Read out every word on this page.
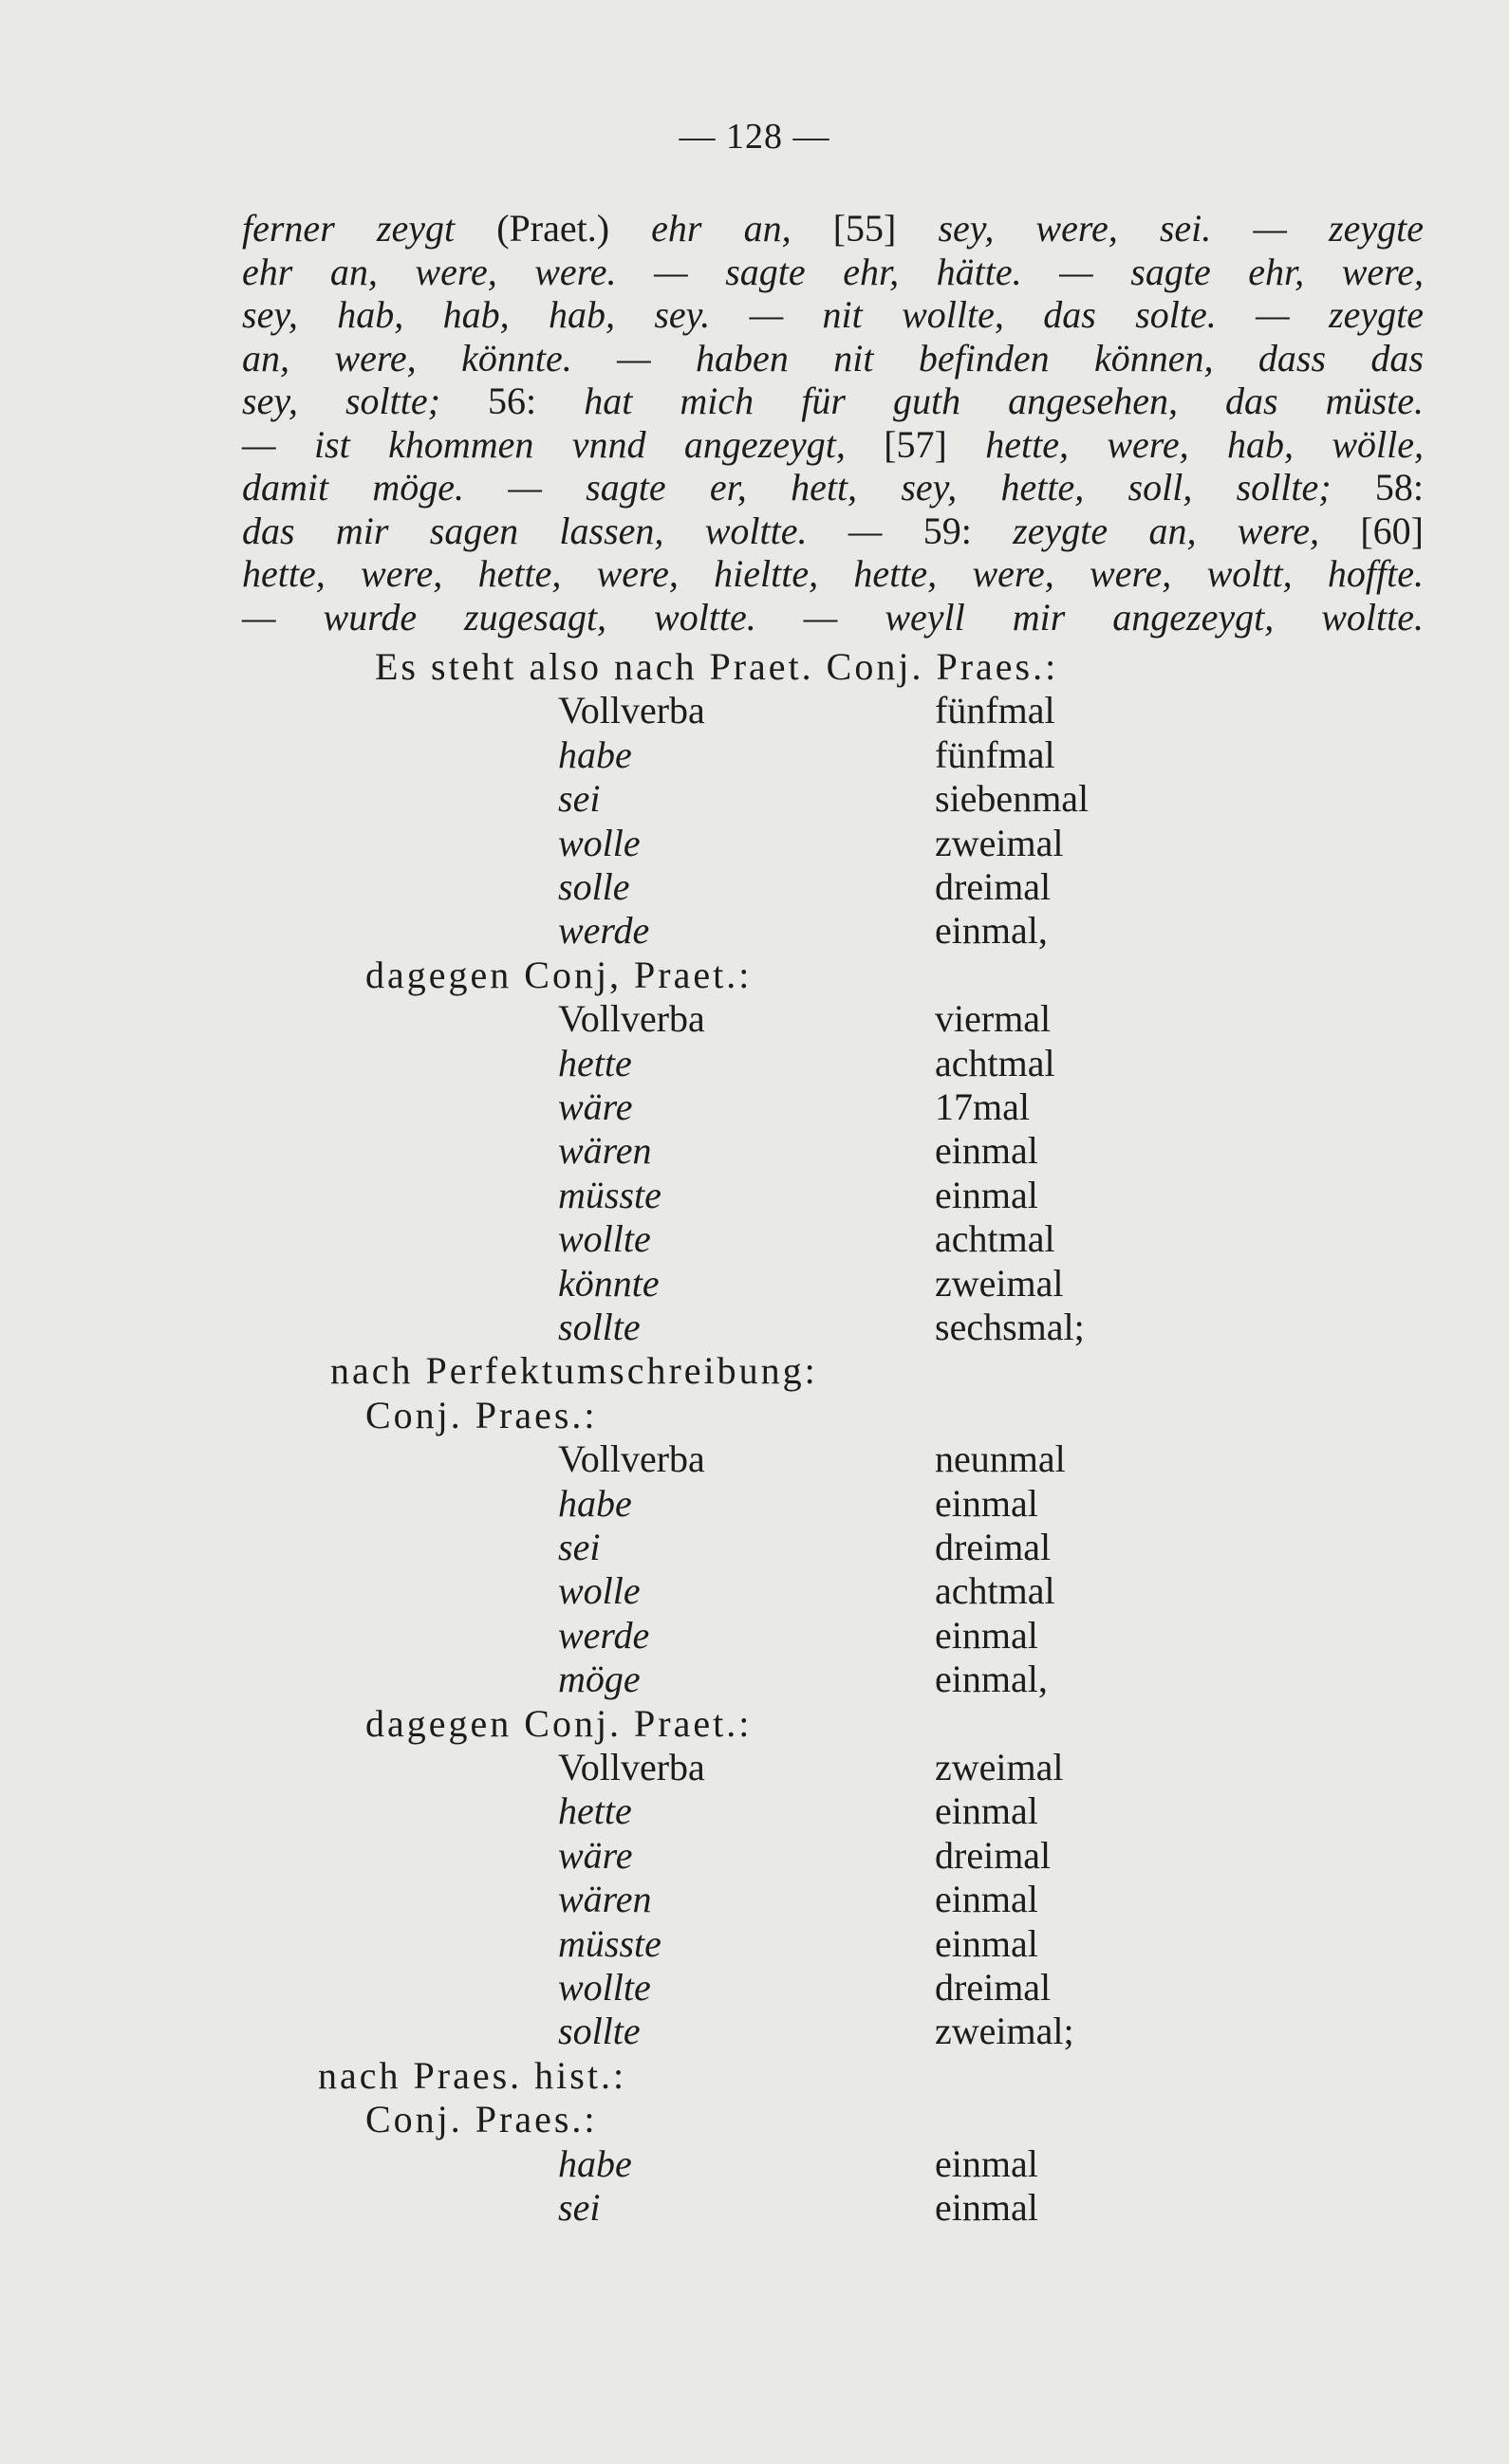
— 128 —
ferner zeygt (Praet.) ehr an, [55] sey, were, sei. — zeygte
ehr an, were, were. — sagte ehr, hätte. — sagte ehr, were,
sey, hab, hab, hab, sey. — nit wollte, das solte. — zeygte
an, were, könnte. — haben nit befinden können, dass das
sey, soltte; 56: hat mich für guth angesehen, das müste.
— ist khommen vnnd angezeygt, [57] hette, were, hab, wölle,
damit möge. — sagte er, hett, sey, hette, soll, sollte; 58:
das mir sagen lassen, woltte. — 59: zeygte an, were, [60]
hette, were, hette, were, hieltte, hette, were, were, woltt, hoffte.
— wurde zugesagt, woltte. — weyll mir angezeygt, woltte.
Es steht also nach Praet. Conj. Praes.:
Vollverba	fünfmal
habe	fünfmal
sei	siebenmal
wolle	zweimal
solle	dreimal
werde	einmal,
dagegen Conj, Praet.:
Vollverba	viermal
hette	achtmal
wäre	17mal
wären	einmal
müsste	einmal
wollte	achtmal
könnte	zweimal
sollte	sechsmal;
nach Perfektumschreibung:
Conj. Praes.:
Vollverba	neunmal
habe	einmal
sei	dreimal
wolle	achtmal
werde	einmal
möge	einmal,
dagegen Conj. Praet.:
Vollverba	zweimal
hette	einmal
wäre	dreimal
wären	einmal
müsste	einmal
wollte	dreimal
sollte	zweimal;
nach Praes. hist.:
Conj. Praes.:
habe	einmal
sei	einmal
